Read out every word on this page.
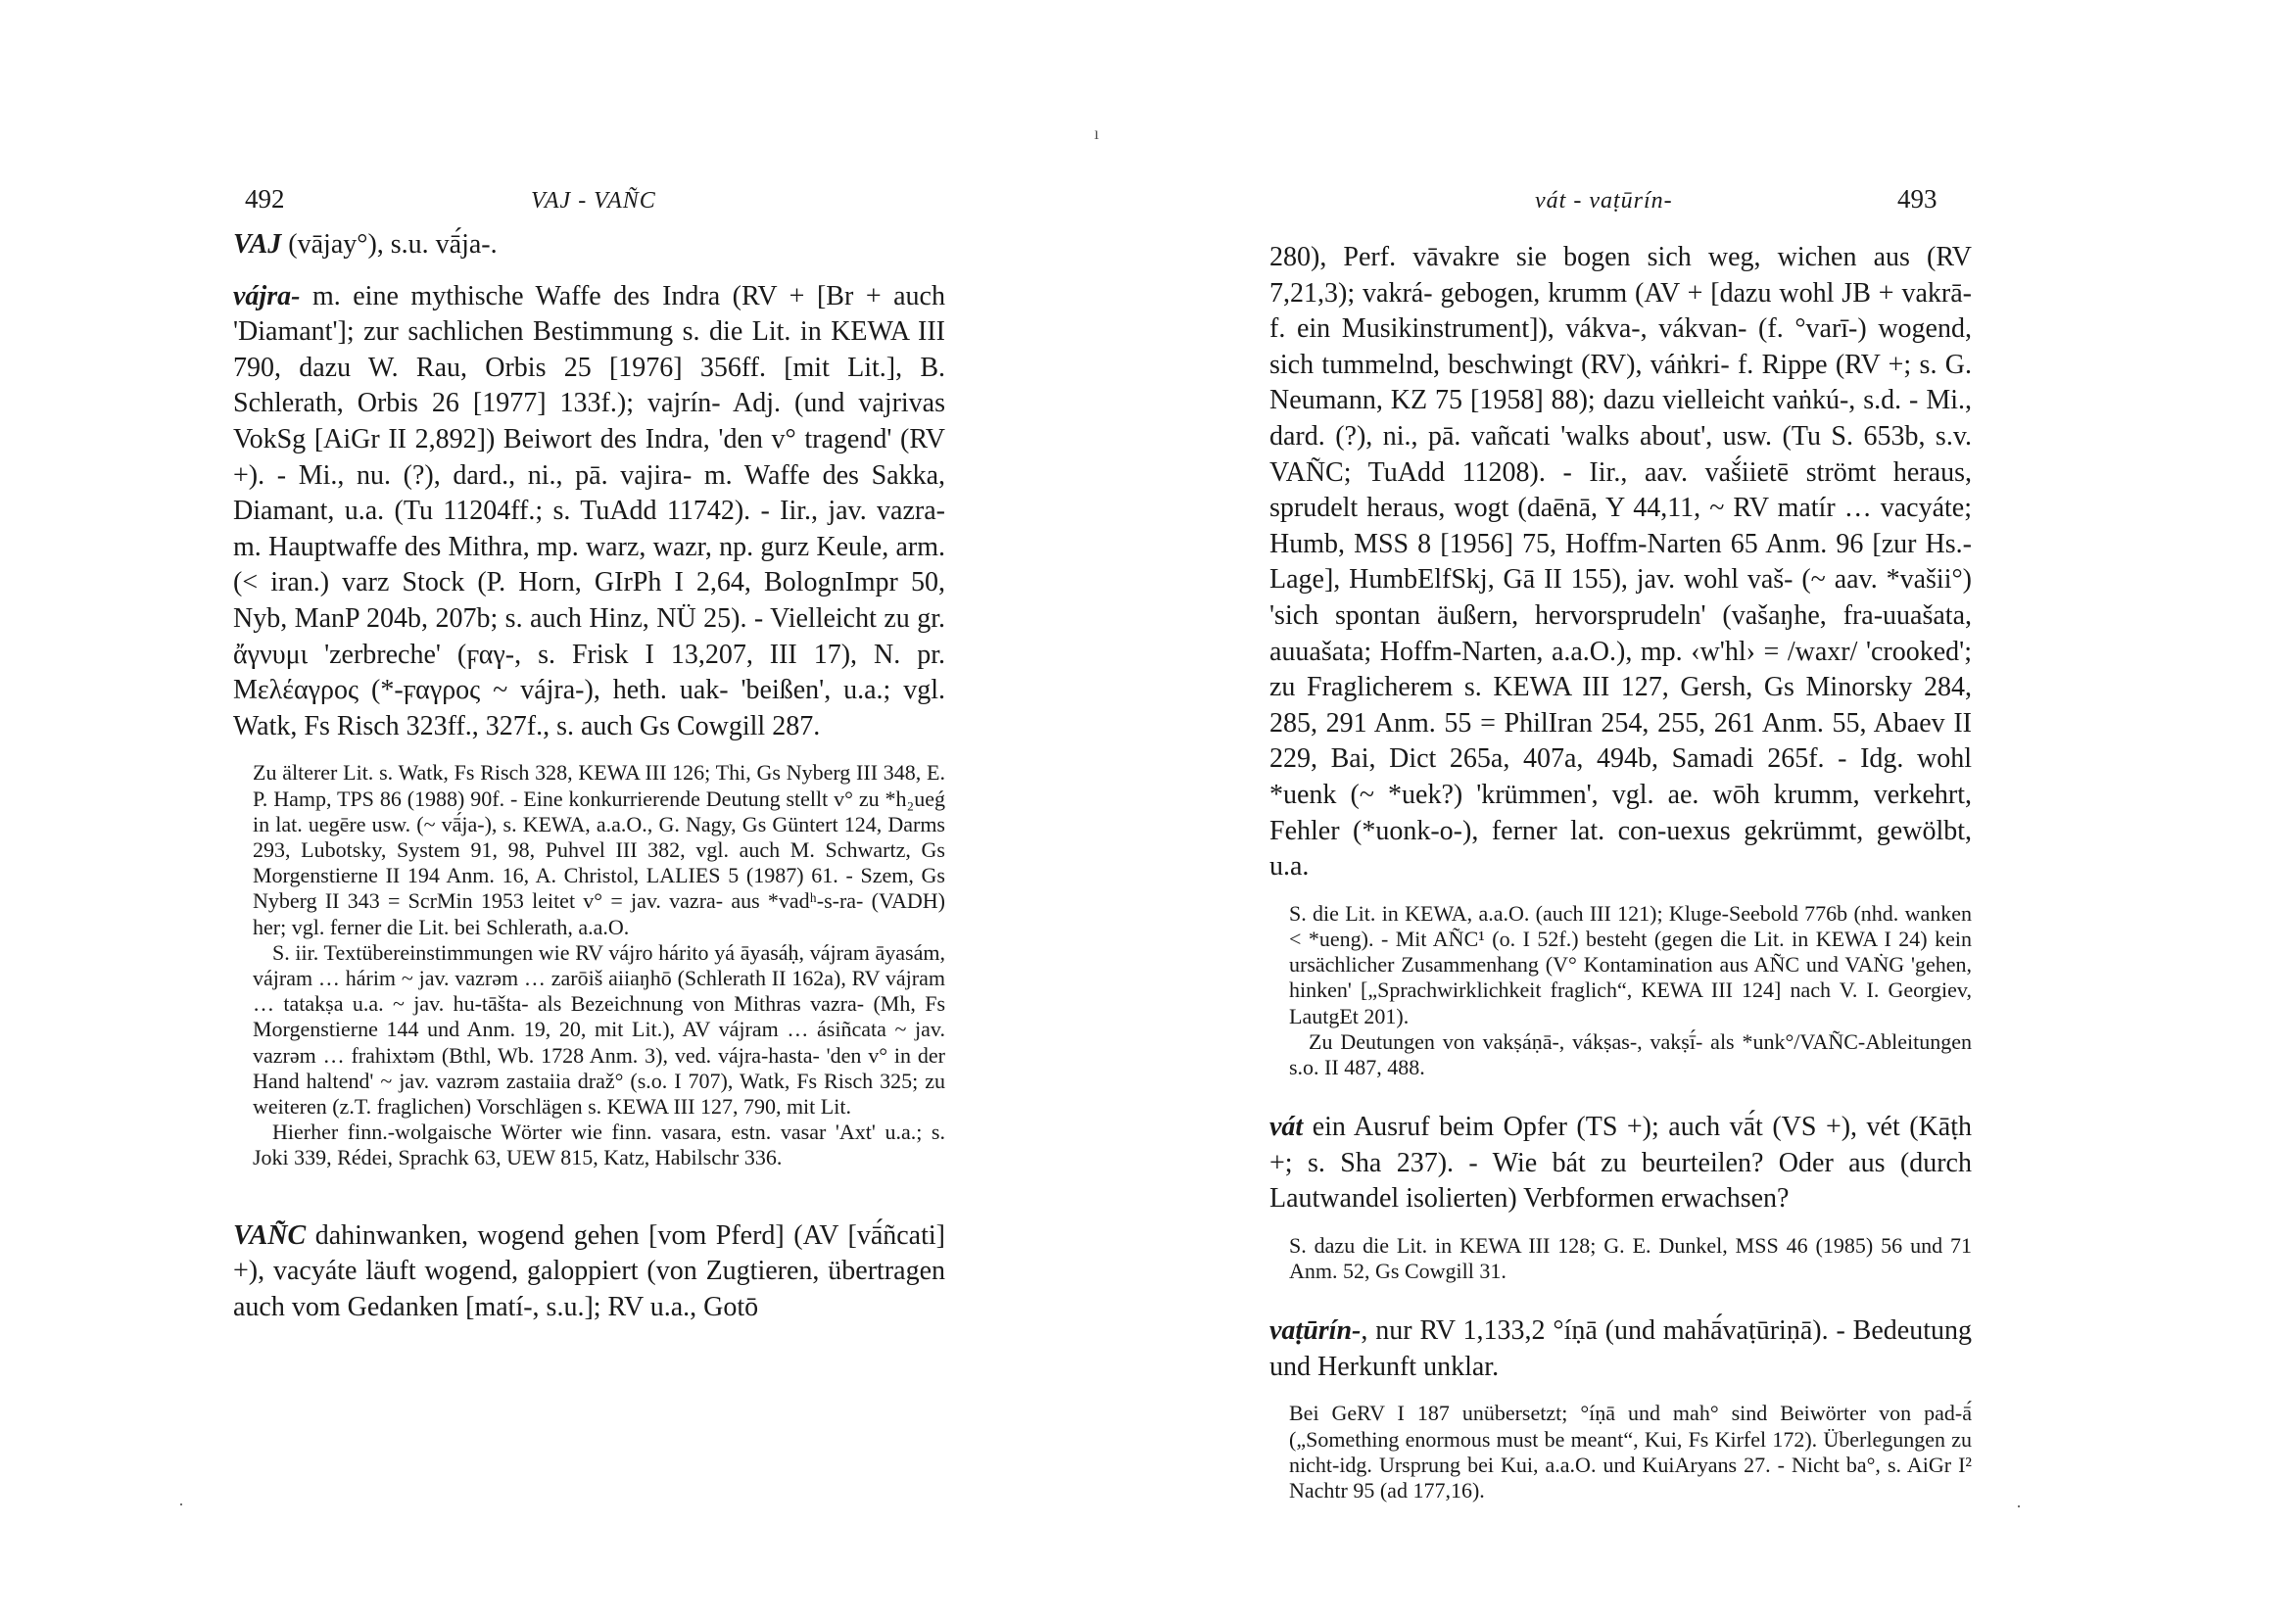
492	VAJ - VAÑC

VAJ (vājay°), s.u. vā́ja-.

vájra- m. eine mythische Waffe des Indra (RV + [Br + auch 'Diamant']; zur sachlichen Bestimmung s. die Lit. in KEWA III 790, dazu W. Rau, Orbis 25 [1976] 356ff. [mit Lit.], B. Schlerath, Orbis 26 [1977] 133f.); vajrín- Adj. (und vajrivas VokSg [AiGr II 2,892]) Beiwort des Indra, 'den v° tragend' (RV +). - Mi., nu. (?), dard., ni., pā. vajira- m. Waffe des Sakka, Diamant, u.a. (Tu 11204ff.; s. TuAdd 11742). - Iir., jav. vazra- m. Hauptwaffe des Mithra, mp. warz, wazr, np. gurz Keule, arm. (< iran.) varz Stock (P. Horn, GIrPh I 2,64, BolognImpr 50, Nyb, ManP 204b, 207b; s. auch Hinz, NÜ 25). - Vielleicht zu gr. ἄγνυμι 'zerbreche' (ϝαγ-, s. Frisk I 13,207, III 17), N. pr. Μελέαγρος (*-ϝαγρος ~ vájra-), heth. uak- 'beißen', u.a.; vgl. Watk, Fs Risch 323ff., 327f., s. auch Gs Cowgill 287.

Zu älterer Lit. s. Watk, Fs Risch 328, KEWA III 126; Thi, Gs Nyberg III 348, E. P. Hamp, TPS 86 (1988) 90f. - Eine konkurrierende Deutung stellt v° zu *h₂ueǵ in lat. uegēre usw. (~ vā́ja-), s. KEWA, a.a.O., G. Nagy, Gs Güntert 124, Darms 293, Lubotsky, System 91, 98, Puhvel III 382, vgl. auch M. Schwartz, Gs Morgenstierne II 194 Anm. 16, A. Christol, LALIES 5 (1987) 61. - Szem, Gs Nyberg II 343 = ScrMin 1953 leitet v° = jav. vazra- aus *vadʰ-s-ra- (VADH) her; vgl. ferner die Lit. bei Schlerath, a.a.O.

S. iir. Textübereinstimmungen wie RV vájro hárito yá āyasáḥ, vájram āyasám, vájram … hárim ~ jav. vazrəm … zarōiš aiiaŋhō (Schlerath II 162a), RV vájram … tatakṣa u.a. ~ jav. hu-tāšta- als Bezeichnung von Mithras vazra- (Mh, Fs Morgenstierne 144 und Anm. 19, 20, mit Lit.), AV vájram … ásiñcata ~ jav. vazrəm … frahixtəm (Bthl, Wb. 1728 Anm. 3), ved. vájra-hasta- 'den v° in der Hand haltend' ~ jav. vazrəm zastaiia draž° (s.o. I 707), Watk, Fs Risch 325; zu weiteren (z.T. fraglichen) Vorschlägen s. KEWA III 127, 790, mit Lit.

Hierher finn.-wolgaische Wörter wie finn. vasara, estn. vasar 'Axt' u.a.; s. Joki 339, Rédei, Sprachk 63, UEW 815, Katz, Habilschr 336.

VAÑC dahinwanken, wogend gehen [vom Pferd] (AV [vā́ñcati] +), vacyáte läuft wogend, galoppiert (von Zugtieren, übertragen auch vom Gedanken [matí-, s.u.]; RV u.a., Gotō

vát - vaṭūrín-	493

280), Perf. vāvakre sie bogen sich weg, wichen aus (RV 7,21,3); vakrá- gebogen, krumm (AV + [dazu wohl JB + vakrā- f. ein Musikinstrument]), vákva-, vákvan- (f. °varī-) wogend, sich tummelnd, beschwingt (RV), váṅkri- f. Rippe (RV +; s. G. Neumann, KZ 75 [1958] 88); dazu vielleicht vaṅkú-, s.d. - Mi., dard. (?), ni., pā. vañcati 'walks about', usw. (Tu S. 653b, s.v. VAÑC; TuAdd 11208). - Iir., aav. vaš́iietē strömt heraus, sprudelt heraus, wogt (daēnā, Y 44,11, ~ RV matír … vacyáte; Humb, MSS 8 [1956] 75, Hoffm-Narten 65 Anm. 96 [zur Hs.-Lage], HumbElfSkj, Gā II 155), jav. wohl vaš- (~ aav. *vašii°) 'sich spontan äußern, hervorsprudeln' (vašaŋhe, fra-uuašata, auuašata; Hoffm-Narten, a.a.O.), mp. ‹w'hl› = /waxr/ 'crooked'; zu Fraglicherem s. KEWA III 127, Gersh, Gs Minorsky 284, 285, 291 Anm. 55 = PhilIran 254, 255, 261 Anm. 55, Abaev II 229, Bai, Dict 265a, 407a, 494b, Samadi 265f. - Idg. wohl *uenk (~ *uek?) 'krümmen', vgl. ae. wōh krumm, verkehrt, Fehler (*uonk-o-), ferner lat. con-uexus gekrümmt, gewölbt, u.a.

S. die Lit. in KEWA, a.a.O. (auch III 121); Kluge-Seebold 776b (nhd. wanken < *ueng). - Mit AÑC¹ (o. I 52f.) besteht (gegen die Lit. in KEWA I 24) kein ursächlicher Zusammenhang (V° Kontamination aus AÑC und VAṄG 'gehen, hinken' [„Sprachwirklichkeit fraglich“, KEWA III 124] nach V. I. Georgiev, LautgEt 201).

Zu Deutungen von vakṣáṇā-, vákṣas-, vakṣī́- als *unk°/VAÑC-Ableitungen s.o. II 487, 488.

vát ein Ausruf beim Opfer (TS +); auch vā́t (VS +), vét (Kāṭh +; s. Sha 237). - Wie bát zu beurteilen? Oder aus (durch Lautwandel isolierten) Verbformen erwachsen?

S. dazu die Lit. in KEWA III 128; G. E. Dunkel, MSS 46 (1985) 56 und 71 Anm. 52, Gs Cowgill 31.

vaṭūrín-, nur RV 1,133,2 °íṇā (und mahā́vaṭūriṇā). - Bedeutung und Herkunft unklar.

Bei GeRV I 187 unübersetzt; °íṇā und mah° sind Beiwörter von pad-ā́ („Something enormous must be meant“, Kui, Fs Kirfel 172). Überlegungen zu nicht-idg. Ursprung bei Kui, a.a.O. und KuiAryans 27. - Nicht ba°, s. AiGr I² Nachtr 95 (ad 177,16).

ı
·	·
